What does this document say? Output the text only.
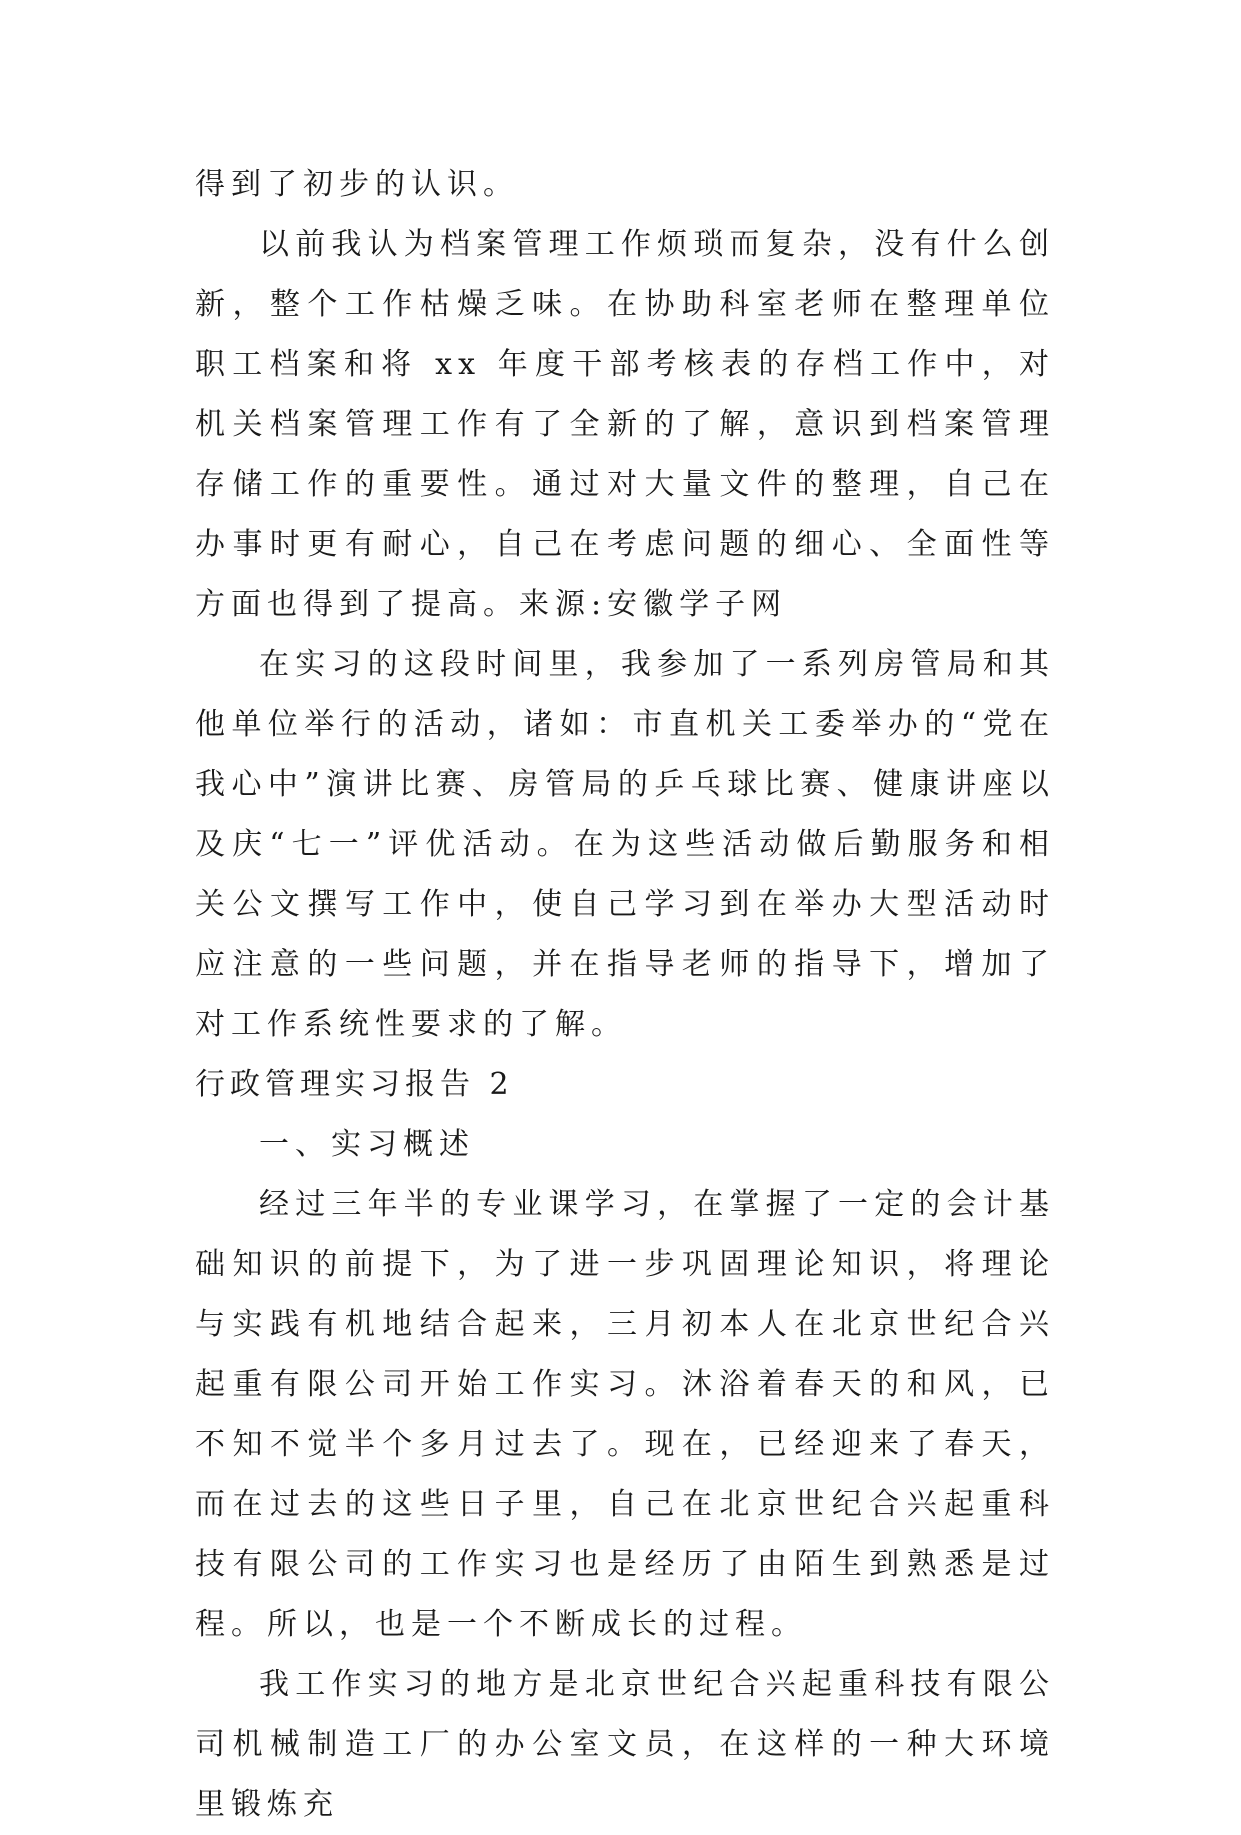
得到了初步的认识。

以前我认为档案管理工作烦琐而复杂，没有什么创新，整个工作枯燥乏味。在协助科室老师在整理单位职工档案和将 xx 年度干部考核表的存档工作中，对机关档案管理工作有了全新的了解，意识到档案管理存储工作的重要性。通过对大量文件的整理，自己在办事时更有耐心，自己在考虑问题的细心、全面性等方面也得到了提高。来源:安徽学子网

在实习的这段时间里，我参加了一系列房管局和其他单位举行的活动，诸如：市直机关工委举办的“党在我心中”演讲比赛、房管局的乒乓球比赛、健康讲座以及庆“七一”评优活动。在为这些活动做后勤服务和相关公文撰写工作中，使自己学习到在举办大型活动时应注意的一些问题，并在指导老师的指导下，增加了对工作系统性要求的了解。

行政管理实习报告 2

一、实习概述

经过三年半的专业课学习，在掌握了一定的会计基础知识的前提下，为了进一步巩固理论知识，将理论与实践有机地结合起来，三月初本人在北京世纪合兴起重有限公司开始工作实习。沐浴着春天的和风，已不知不觉半个多月过去了。现在，已经迎来了春天，而在过去的这些日子里，自己在北京世纪合兴起重科技有限公司的工作实习也是经历了由陌生到熟悉是过程。所以，也是一个不断成长的过程。

我工作实习的地方是北京世纪合兴起重科技有限公司机械制造工厂的办公室文员，在这样的一种大环境里锻炼充
